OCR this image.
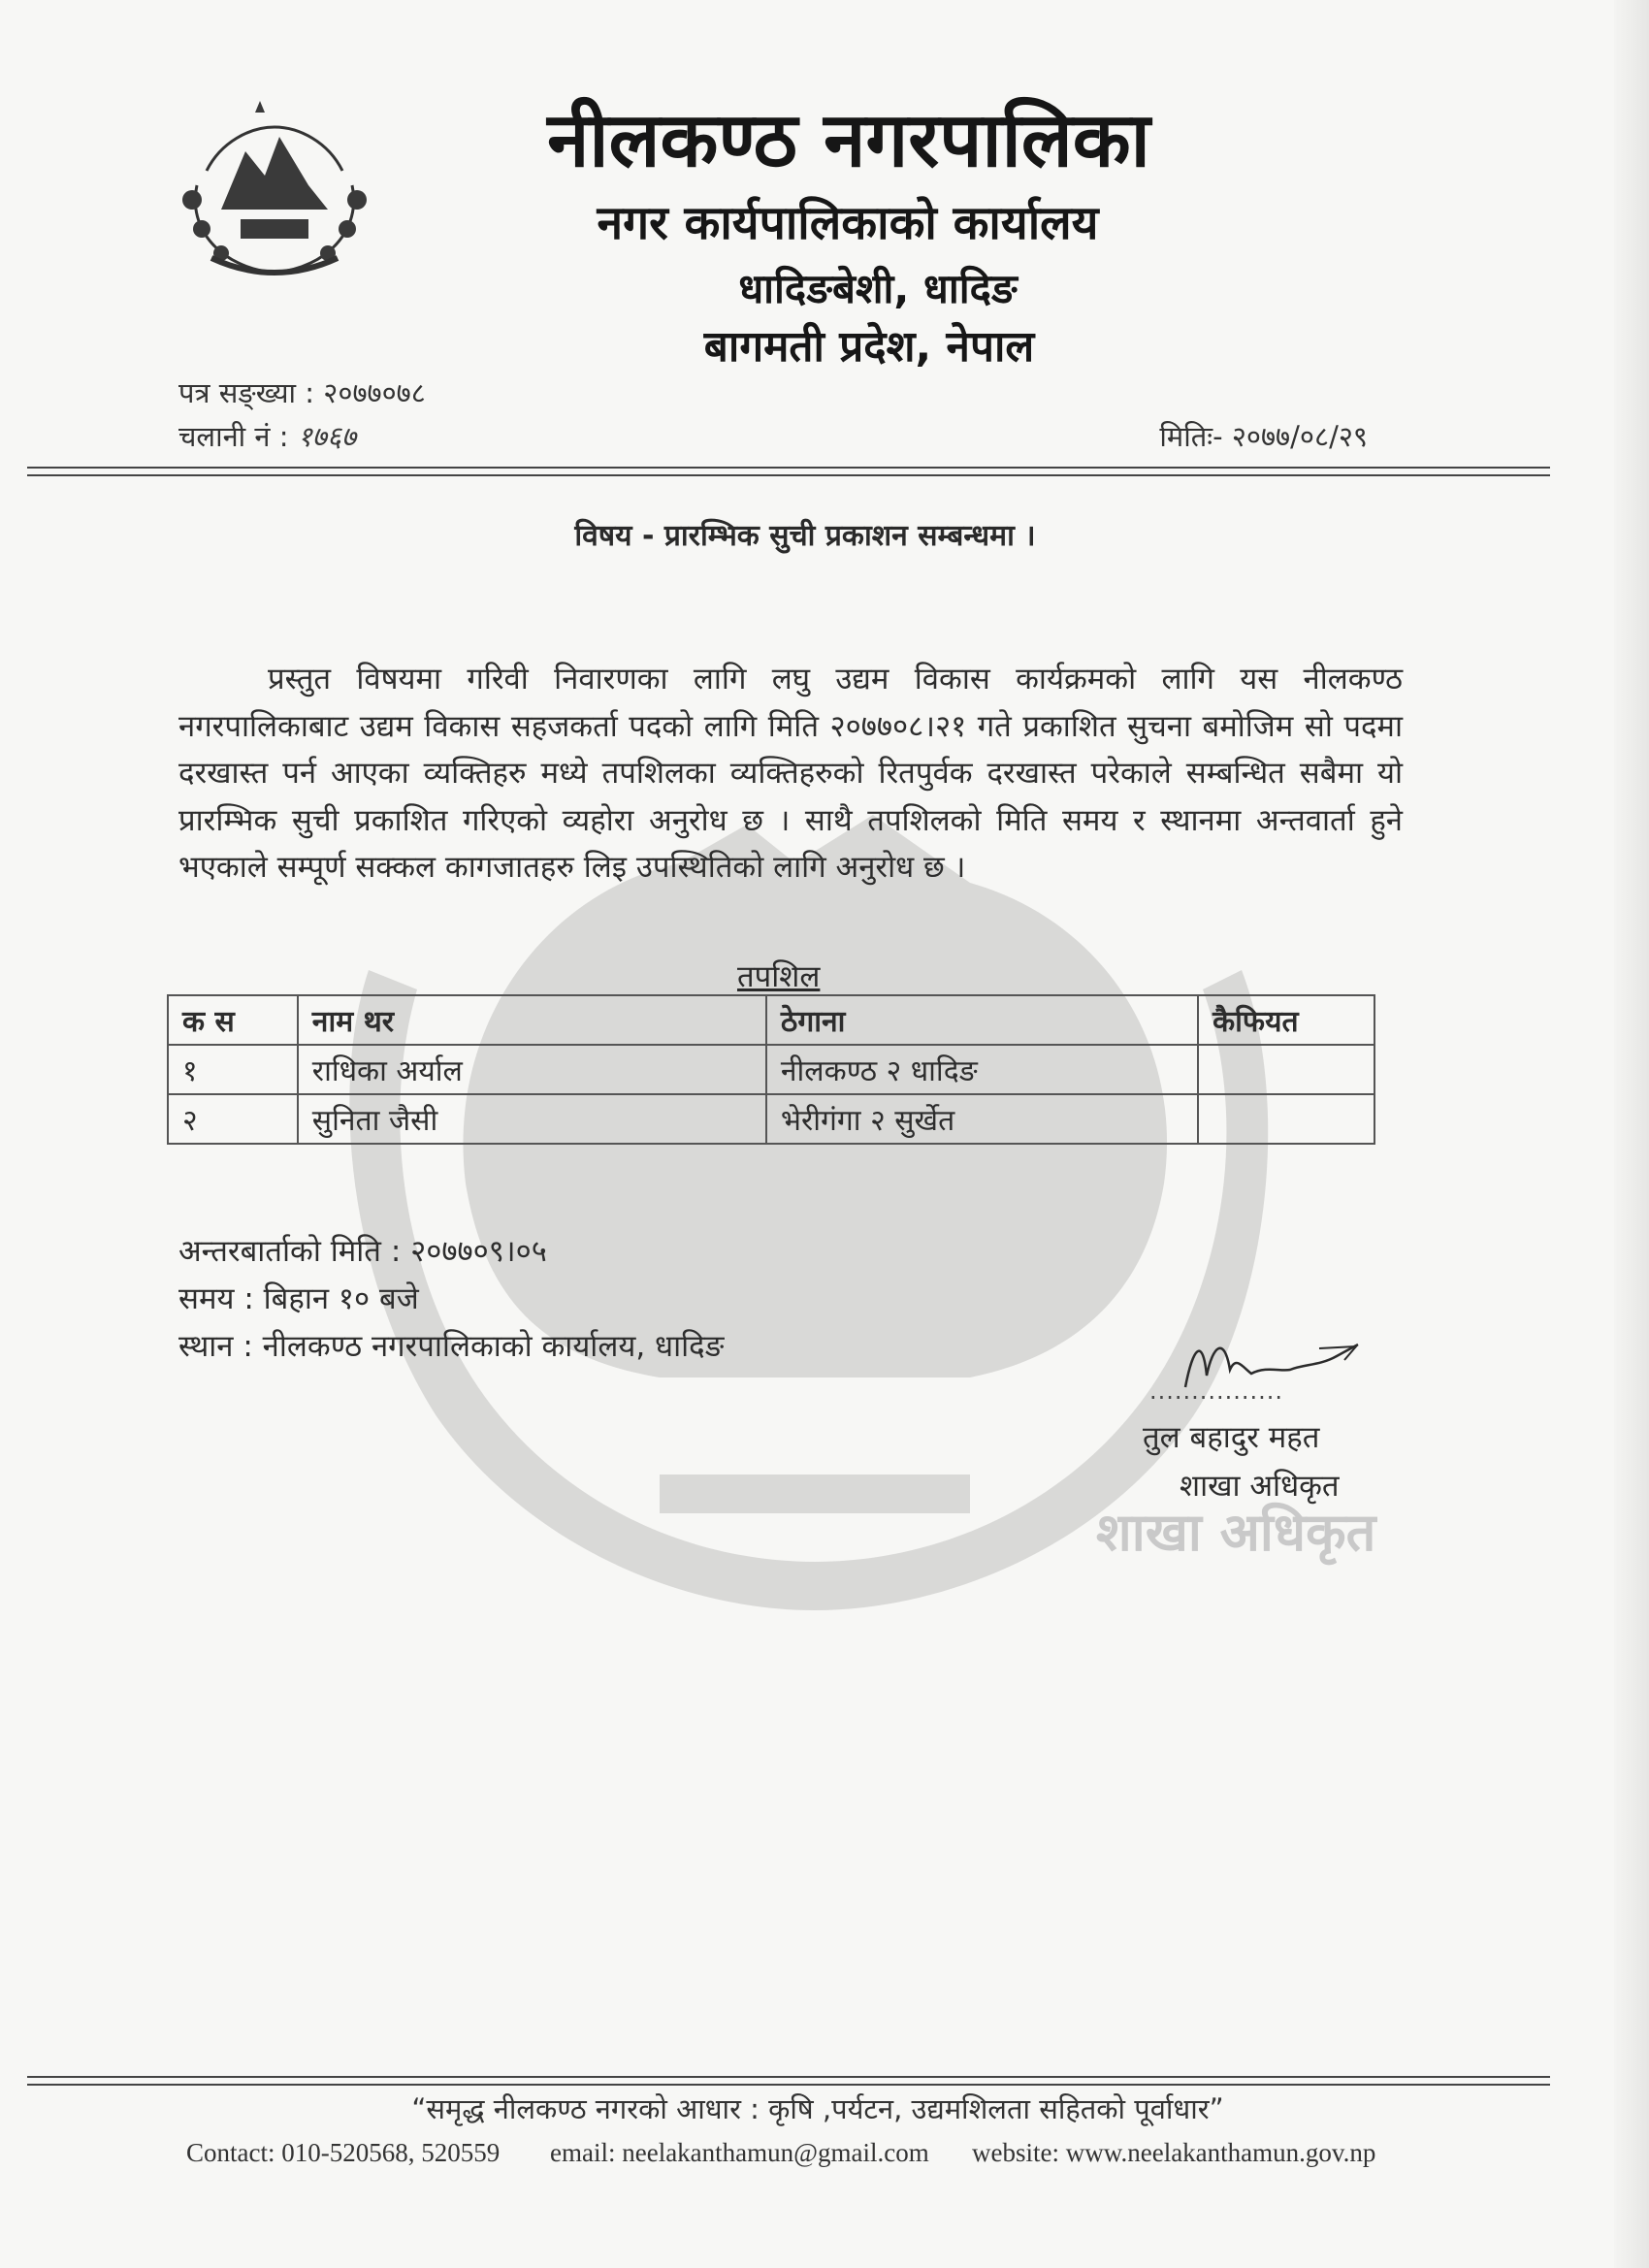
नीलकण्ठ नगरपालिका
नगर कार्यपालिकाको कार्यालय
धादिङबेशी, धादिङ
बागमती प्रदेश, नेपाल
पत्र सङ्ख्या : २०७७०७८
चलानी नं : १७६७	मितिः- २०७७/०८/२९
विषय - प्रारम्भिक सुची प्रकाशन सम्बन्धमा ।

प्रस्तुत विषयमा गरिवी निवारणका लागि लघु उद्यम विकास कार्यक्रमको लागि यस नीलकण्ठ नगरपालिकाबाट उद्यम विकास सहजकर्ता पदको लागि मिति २०७७०८।२१ गते प्रकाशित सुचना बमोजिम सो पदमा दरखास्त पर्न आएका व्यक्तिहरु मध्ये तपशिलका व्यक्तिहरुको रितपुर्वक दरखास्त परेकाले सम्बन्धित सबैमा यो प्रारम्भिक सुची प्रकाशित गरिएको व्यहोरा अनुरोध छ । साथै तपशिलको मिति समय र स्थानमा अन्तवार्ता हुने भएकाले सम्पूर्ण सक्कल कागजातहरु लिइ उपस्थितिको लागि अनुरोध छ ।

तपशिल
क स	नाम थर	ठेगाना	कैफियत
१	राधिका अर्याल	नीलकण्ठ २ धादिङ	
२	सुनिता जैसी	भेरीगंगा २ सुर्खेत	
अन्तरबार्ताको मिति : २०७७०९।०५
समय : बिहान १० बजे
स्थान : नीलकण्ठ नगरपालिकाको कार्यालय, धादिङ
................
तुल बहादुर महत
शाखा अधिकृत
शाखा अधिकृत
“समृद्ध नीलकण्ठ नगरको आधार : कृषि ,पर्यटन, उद्यमशिलता सहितको पूर्वाधार”
Contact: 010-520568, 520559 email: neelakanthamun@gmail.com website: www.neelakanthamun.gov.np
